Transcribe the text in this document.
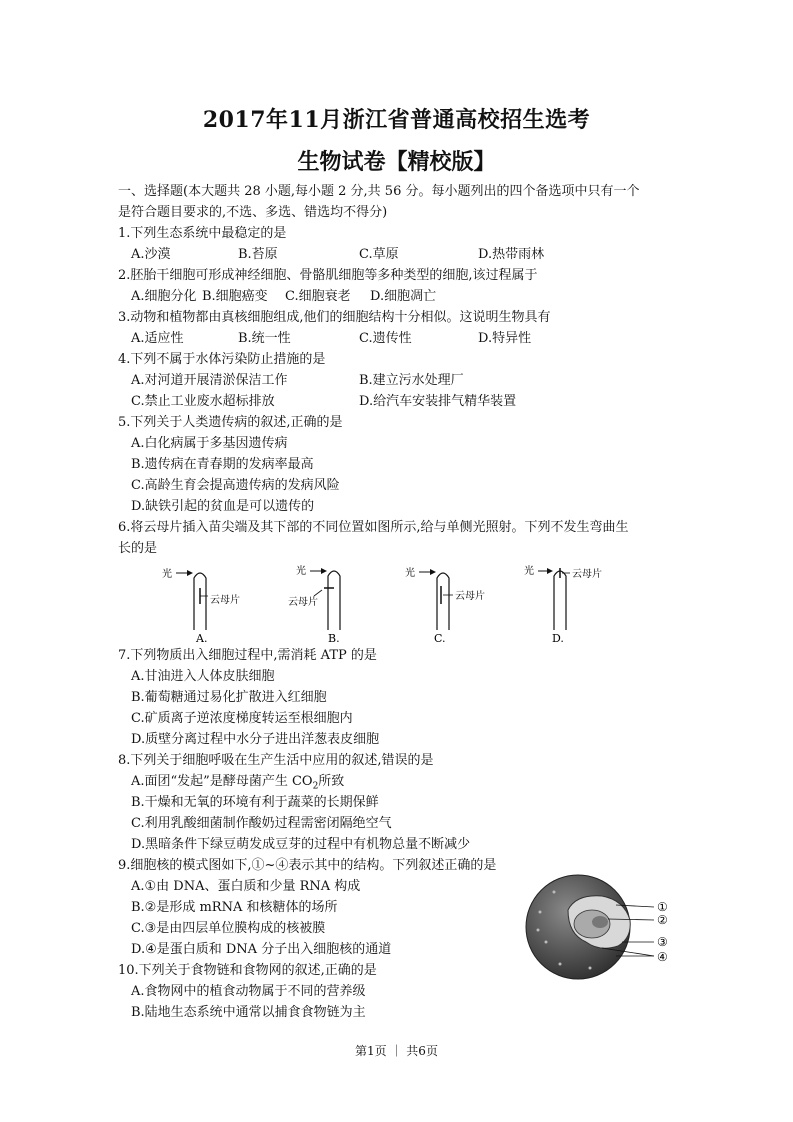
2017年11月浙江省普通高校招生选考
生物试卷【精校版】
一、选择题(本大题共 28 小题,每小题 2 分,共 56 分。每小题列出的四个备选项中只有一个
是符合题目要求的,不选、多选、错选均不得分)
1.下列生态系统中最稳定的是
A.沙漠	B.苔原	C.草原	D.热带雨林
2.胚胎干细胞可形成神经细胞、骨骼肌细胞等多种类型的细胞,该过程属于
A.细胞分化 B.细胞癌变 C.细胞衰老 D.细胞凋亡
3.动物和植物都由真核细胞组成,他们的细胞结构十分相似。这说明生物具有
A.适应性	B.统一性	C.遗传性	D.特异性
4.下列不属于水体污染防止措施的是
A.对河道开展清淤保洁工作	B.建立污水处理厂
C.禁止工业废水超标排放	D.给汽车安装排气精华装置
5.下列关于人类遗传病的叙述,正确的是
A.白化病属于多基因遗传病
B.遗传病在青春期的发病率最高
C.高龄生育会提高遗传病的发病风险
D.缺铁引起的贫血是可以遗传的
6.将云母片插入苗尖端及其下部的不同位置如图所示,给与单侧光照射。下列不发生弯曲生
长的是
光
云母片
A.
光
云母片
B.
光
云母片
C.
光	云母片
D.
7.下列物质出入细胞过程中,需消耗 ATP 的是
A.甘油进入人体皮肤细胞
B.葡萄糖通过易化扩散进入红细胞
C.矿质离子逆浓度梯度转运至根细胞内
D.质壁分离过程中水分子进出洋葱表皮细胞
8.下列关于细胞呼吸在生产生活中应用的叙述,错误的是
A.面团“发起”是酵母菌产生 $CO_2$所致
B.干燥和无氧的环境有利于蔬菜的长期保鲜
C.利用乳酸细菌制作酸奶过程需密闭隔绝空气
D.黑暗条件下绿豆萌发成豆芽的过程中有机物总量不断减少
9.细胞核的模式图如下,①~④表示其中的结构。下列叙述正确的是
A.①由 DNA、蛋白质和少量 RNA 构成
B.②是形成 mRNA 和核糖体的场所
C.③是由四层单位膜构成的核被膜
D.④是蛋白质和 DNA 分子出入细胞核的通道
①
②
③
④
10.下列关于食物链和食物网的叙述,正确的是
A.食物网中的植食动物属于不同的营养级
B.陆地生态系统中通常以捕食食物链为主
第1页 ｜ 共6页
